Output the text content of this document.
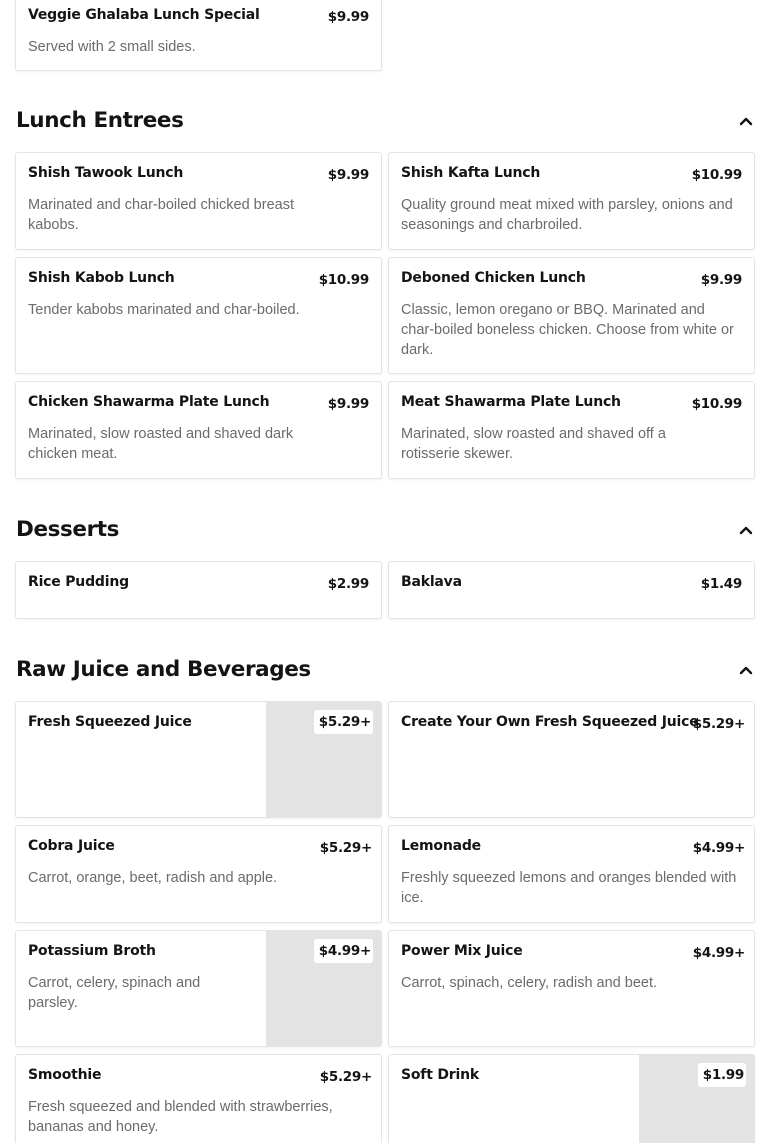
Veggie Ghalaba Lunch Special	$9.99
Served with 2 small sides.
Lunch Entrees
Shish Tawook Lunch	$9.99
Marinated and char-boiled chicked breast kabobs.
Shish Kafta Lunch	$10.99
Quality ground meat mixed with parsley, onions and seasonings and charbroiled.
Shish Kabob Lunch	$10.99
Tender kabobs marinated and char-boiled.
Deboned Chicken Lunch	$9.99
Classic, lemon oregano or BBQ. Marinated and char-boiled boneless chicken. Choose from white or dark.
Chicken Shawarma Plate Lunch	$9.99
Marinated, slow roasted and shaved dark chicken meat.
Meat Shawarma Plate Lunch	$10.99
Marinated, slow roasted and shaved off a rotisserie skewer.
Desserts
Rice Pudding	$2.99 Baklava	$1.49
Raw Juice and Beverages
Fresh Squeezed Juice	$5.29+ Create Your Own Fresh Squeezed Juice
$5.29+
Cobra Juice	$5.29+
Carrot, orange, beet, radish and apple.
Lemonade	$4.99+
Freshly squeezed lemons and oranges blended with ice.
Potassium Broth	$4.99+
Carrot, celery, spinach and parsley.
Power Mix Juice	$4.99+
Carrot, spinach, celery, radish and beet.
Smoothie	$5.29+
Fresh squeezed and blended with strawberries, bananas and honey.
Soft Drink	$1.99
